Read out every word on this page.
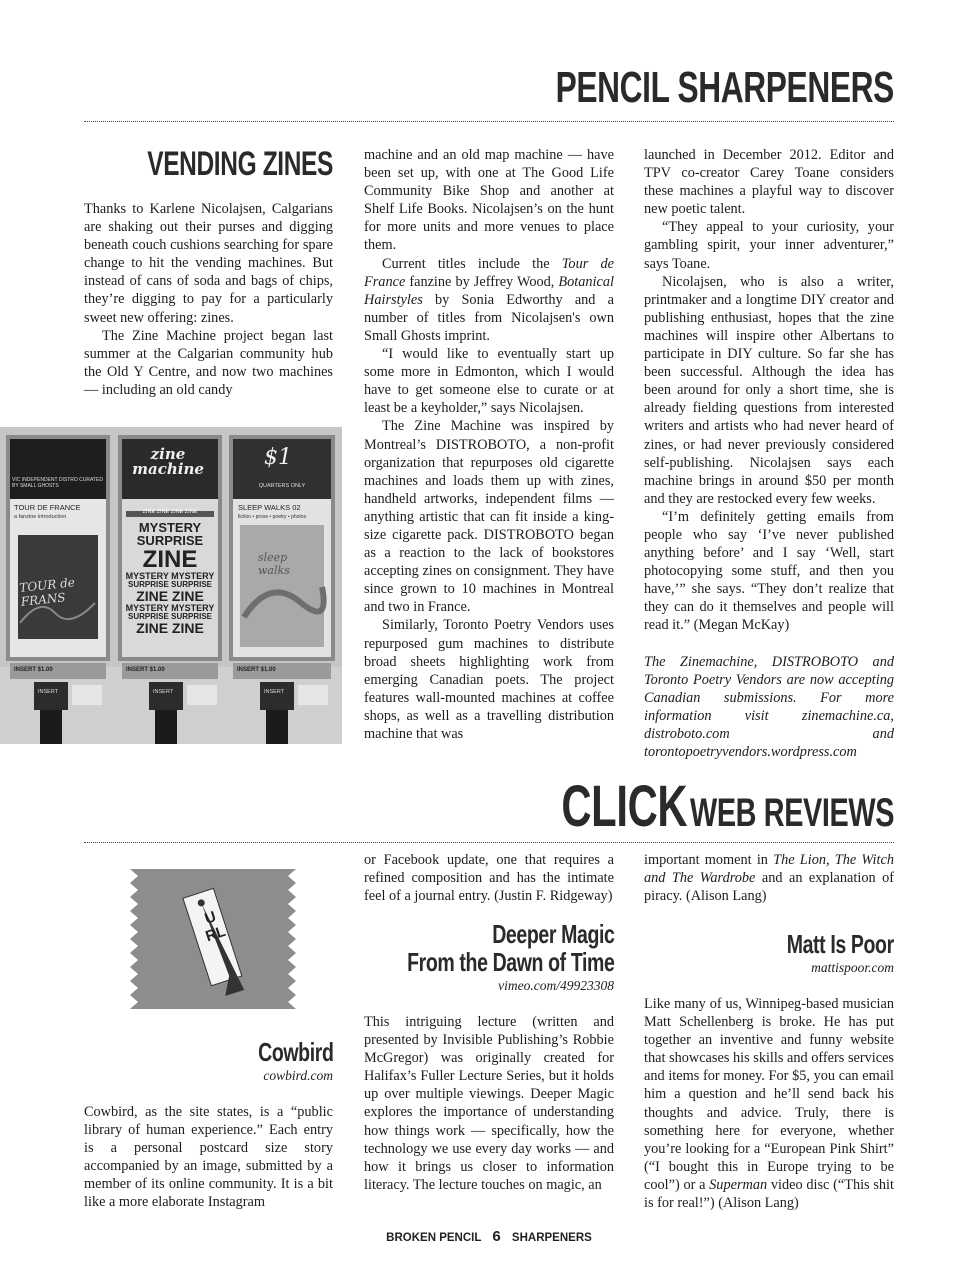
PENCIL SHARPENERS
VENDING ZINES

Thanks to Karlene Nicolajsen, Calgarians are shaking out their purses and digging beneath couch cushions searching for spare change to hit the vending machines. But instead of cans of soda and bags of chips, they’re digging to pay for a particularly sweet new offering: zines.

The Zine Machine project began last summer at the Calgarian community hub the Old Y Centre, and now two machines — including an old candy

VIC INDEPENDENT DISTRO CURATED BY SMALL GHOSTS
TOUR DE FRANCE
a fanzine introduction
TOUR de FRANS
zine machine
ZINE ZINE ZINE ZINE
MYSTERY
SURPRISE
ZINE
MYSTERY MYSTERY
SURPRISE SURPRISE
ZINE ZINE
MYSTERY MYSTERY
SURPRISE SURPRISE
ZINE ZINE
$1
QUARTERS ONLY
SLEEP WALKS 02
fiction • prose • poetry • photos
sleep walks
INSERT $1.00	INSERT $1.00	INSERT $1.00
INSERT	INSERT	INSERT

machine and an old map machine — have been set up, with one at The Good Life Community Bike Shop and another at Shelf Life Books. Nicolajsen’s on the hunt for more units and more venues to place them.

Current titles include the Tour de France fanzine by Jeffrey Wood, Botanical Hairstyles by Sonia Edworthy and a number of titles from Nicolajsen's own Small Ghosts imprint.

“I would like to eventually start up some more in Edmonton, which I would have to get someone else to curate or at least be a keyholder,” says Nicolajsen.

The Zine Machine was inspired by Montreal’s DISTROBOTO, a non-profit organization that repurposes old cigarette machines and loads them up with zines, handheld artworks, independent films — anything artistic that can fit inside a king-size cigarette pack. DISTROBOTO began as a reaction to the lack of bookstores accepting zines on consignment. They have since grown to 10 machines in Montreal and two in France.

Similarly, Toronto Poetry Vendors uses repurposed gum machines to distribute broad sheets highlighting work from emerging Canadian poets. The project features wall-mounted machines at coffee shops, as well as a travelling distribution machine that was

launched in December 2012. Editor and TPV co-creator Carey Toane considers these machines a playful way to discover new poetic talent.

“They appeal to your curiosity, your gambling spirit, your inner adventurer,” says Toane.

Nicolajsen, who is also a writer, printmaker and a longtime DIY creator and publishing enthusiast, hopes that the zine machines will inspire other Albertans to participate in DIY culture. So far she has been successful. Although the idea has been around for only a short time, she is already fielding questions from interested writers and artists who had never heard of zines, or had never previously considered self-publishing. Nicolajsen says each machine brings in around $50 per month and they are restocked every few weeks.

“I’m definitely getting emails from people who say ‘I’ve never published anything before’ and I say ‘Well, start photocopying some stuff, and then you have,’” she says. “They don’t realize that they can do it themselves and people will read it.” (Megan McKay)

The Zinemachine, DISTROBOTO and Toronto Poetry Vendors are now accepting Canadian submissions. For more information visit zinemachine.ca, distroboto.com and torontopoetryvendors.wordpress.com

CLICK WEB REVIEWS
URL
Cowbird
cowbird.com

Cowbird, as the site states, is a “public library of human experience.” Each entry is a personal postcard size story accompanied by an image, submitted by a member of its online community. It is a bit like a more elaborate Instagram

or Facebook update, one that requires a refined composition and has the intimate feel of a journal entry. (Justin F. Ridgeway)

Deeper Magic
From the Dawn of Time
vimeo.com/49923308

This intriguing lecture (written and presented by Invisible Publishing’s Robbie McGregor) was originally created for Halifax’s Fuller Lecture Series, but it holds up over multiple viewings. Deeper Magic explores the importance of understanding how things work — specifically, how the technology we use every day works — and how it brings us closer to information literacy. The lecture touches on magic, an

important moment in The Lion, The Witch and The Wardrobe and an explanation of piracy. (Alison Lang)

Matt Is Poor
mattispoor.com

Like many of us, Winnipeg-based musician Matt Schellenberg is broke. He has put together an inventive and funny website that showcases his skills and offers services and items for money. For $5, you can email him a question and he’ll send back his thoughts and advice. Truly, there is something here for everyone, whether you’re looking for a “European Pink Shirt” (“I bought this in Europe trying to be cool”) or a Superman video disc (“This shit is for real!”) (Alison Lang)

BROKEN PENCIL 6 SHARPENERS
